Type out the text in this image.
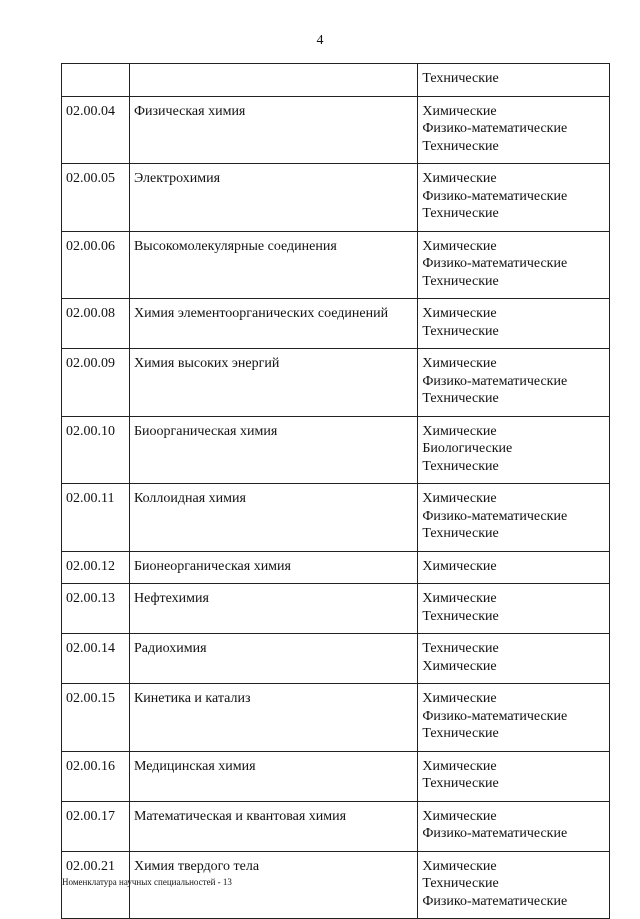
4

		Технические

02.00.04	Физическая химия	Химические
Физико-математические
Технические

02.00.05	Электрохимия	Химические
Физико-математические
Технические

02.00.06	Высокомолекулярные соединения	Химические
Физико-математические
Технические

02.00.08	Химия элементоорганических соединений	Химические
Технические

02.00.09	Химия высоких энергий	Химические
Физико-математические
Технические

02.00.10	Биоорганическая химия	Химические
Биологические
Технические

02.00.11	Коллоидная химия	Химические
Физико-математические
Технические

02.00.12	Бионеорганическая химия	Химические

02.00.13	Нефтехимия	Химические
Технические

02.00.14	Радиохимия	Технические
Химические

02.00.15	Кинетика и катализ	Химические
Физико-математические
Технические

02.00.16	Медицинская химия	Химические
Технические

02.00.17	Математическая и квантовая химия	Химические
Физико-математические

02.00.21	Химия твердого тела	Химические
Технические
Физико-математические
Номенклатура научных специальностей - 13
